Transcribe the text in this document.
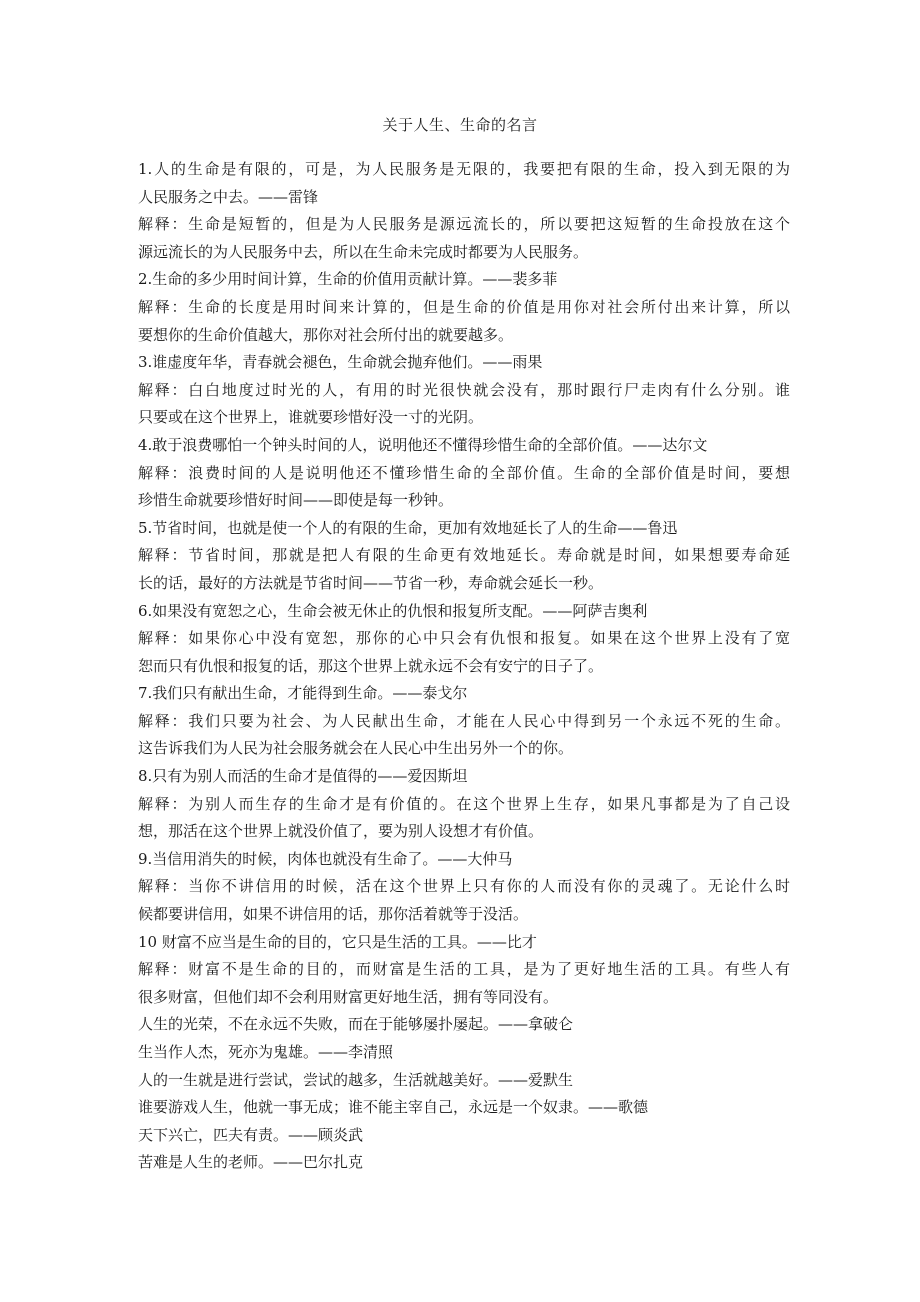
关于人生、生命的名言
1.人的生命是有限的，可是，为人民服务是无限的，我要把有限的生命，投入到无限的为
人民服务之中去。——雷锋
解释：生命是短暂的，但是为人民服务是源远流长的，所以要把这短暂的生命投放在这个
源远流长的为人民服务中去，所以在生命未完成时都要为人民服务。
2.生命的多少用时间计算，生命的价值用贡献计算。——裴多菲
解释：生命的长度是用时间来计算的，但是生命的价值是用你对社会所付出来计算，所以
要想你的生命价值越大，那你对社会所付出的就要越多。
3.谁虚度年华，青春就会褪色，生命就会抛弃他们。——雨果
解释：白白地度过时光的人，有用的时光很快就会没有，那时跟行尸走肉有什么分别。谁
只要或在这个世界上，谁就要珍惜好没一寸的光阴。
4.敢于浪费哪怕一个钟头时间的人，说明他还不懂得珍惜生命的全部价值。——达尔文
解释：浪费时间的人是说明他还不懂珍惜生命的全部价值。生命的全部价值是时间，要想
珍惜生命就要珍惜好时间——即使是每一秒钟。
5.节省时间，也就是使一个人的有限的生命，更加有效地延长了人的生命——鲁迅
解释：节省时间，那就是把人有限的生命更有效地延长。寿命就是时间，如果想要寿命延
长的话，最好的方法就是节省时间——节省一秒，寿命就会延长一秒。
6.如果没有宽恕之心，生命会被无休止的仇恨和报复所支配。——阿萨吉奥利
解释：如果你心中没有宽恕，那你的心中只会有仇恨和报复。如果在这个世界上没有了宽
恕而只有仇恨和报复的话，那这个世界上就永远不会有安宁的日子了。
7.我们只有献出生命，才能得到生命。——泰戈尔
解释：我们只要为社会、为人民献出生命，才能在人民心中得到另一个永远不死的生命。
这告诉我们为人民为社会服务就会在人民心中生出另外一个的你。
8.只有为别人而活的生命才是值得的——爱因斯坦
解释：为别人而生存的生命才是有价值的。在这个世界上生存，如果凡事都是为了自己设
想，那活在这个世界上就没价值了，要为别人设想才有价值。
9.当信用消失的时候，肉体也就没有生命了。——大仲马
解释：当你不讲信用的时候，活在这个世界上只有你的人而没有你的灵魂了。无论什么时
候都要讲信用，如果不讲信用的话，那你活着就等于没活。
10 财富不应当是生命的目的，它只是生活的工具。——比才
解释：财富不是生命的目的，而财富是生活的工具，是为了更好地生活的工具。有些人有
很多财富，但他们却不会利用财富更好地生活，拥有等同没有。
人生的光荣，不在永远不失败，而在于能够屡扑屡起。——拿破仑
生当作人杰，死亦为鬼雄。——李清照
人的一生就是进行尝试，尝试的越多，生活就越美好。——爱默生
谁要游戏人生，他就一事无成；谁不能主宰自己，永远是一个奴隶。——歌德
天下兴亡，匹夫有责。——顾炎武
苦难是人生的老师。——巴尔扎克
